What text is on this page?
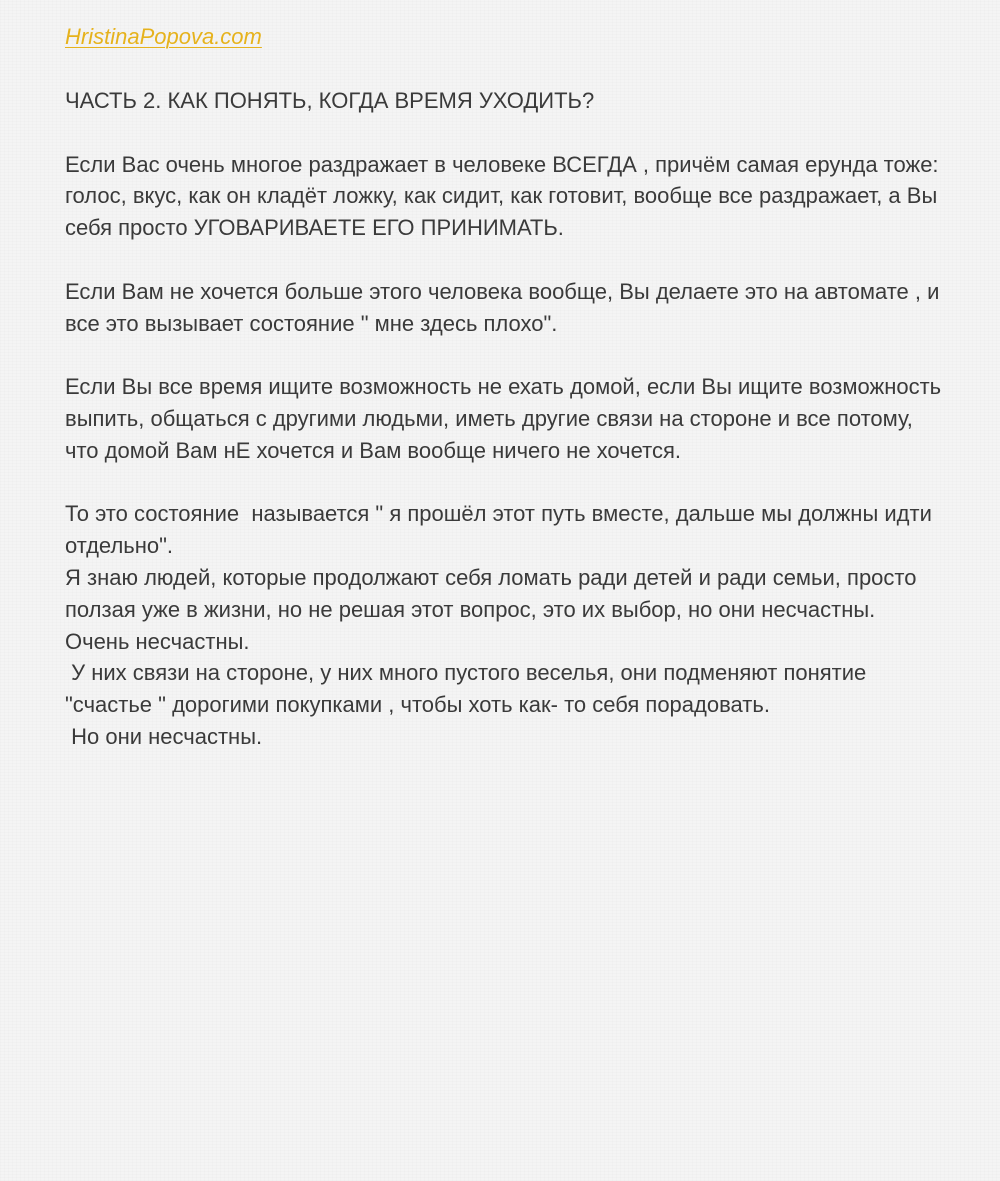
HristinaPopova.com

ЧАСТЬ 2. КАК ПОНЯТЬ, КОГДА ВРЕМЯ УХОДИТЬ?

Если Вас очень многое раздражает в человеке ВСЕГДА , причём самая ерунда тоже: голос, вкус, как он кладёт ложку, как сидит, как готовит, вообще все раздражает, а Вы себя просто УГОВАРИВАЕТЕ ЕГО ПРИНИМАТЬ.

Если Вам не хочется больше этого человека вообще, Вы делаете это на автомате , и все это вызывает состояние " мне здесь плохо".

Если Вы все время ищите возможность не ехать домой, если Вы ищите возможность выпить, общаться с другими людьми, иметь другие связи на стороне и все потому, что домой Вам нЕ хочется и Вам вообще ничего не хочется.

То это состояние  называется " я прошёл этот путь вместе, дальше мы должны идти отдельно".

Я знаю людей, которые продолжают себя ломать ради детей и ради семьи, просто ползая уже в жизни, но не решая этот вопрос, это их выбор, но они несчастны.

Очень несчастны.

У них связи на стороне, у них много пустого веселья, они подменяют понятие "счастье " дорогими покупками , чтобы хоть как- то себя порадовать.

Но они несчастны.
